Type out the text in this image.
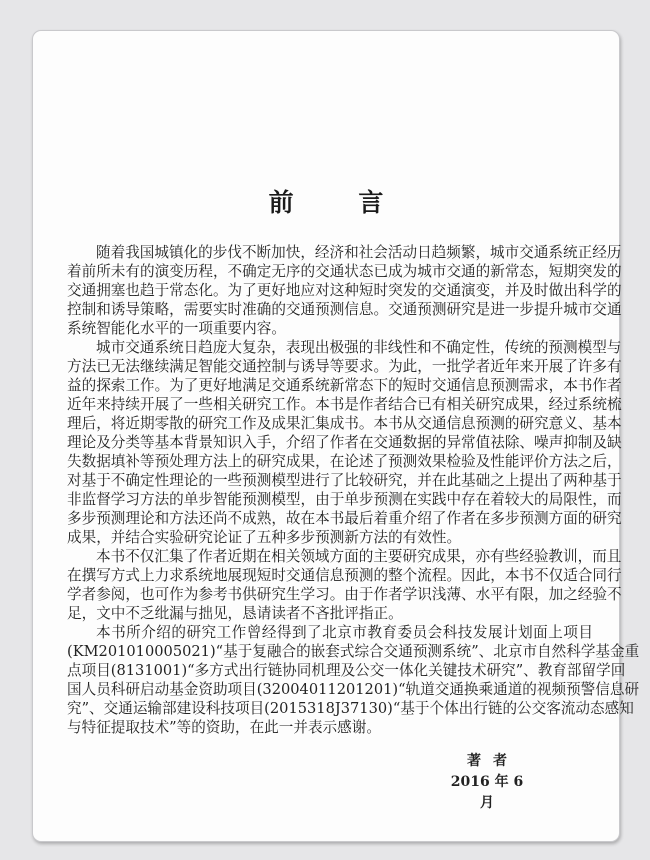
前 言
随着我国城镇化的步伐不断加快，经济和社会活动日趋频繁，城市交通系统正经历
着前所未有的演变历程，不确定无序的交通状态已成为城市交通的新常态，短期突发的
交通拥塞也趋于常态化。为了更好地应对这种短时突发的交通演变，并及时做出科学的
控制和诱导策略，需要实时准确的交通预测信息。交通预测研究是进一步提升城市交通
系统智能化水平的一项重要内容。
城市交通系统日趋庞大复杂，表现出极强的非线性和不确定性，传统的预测模型与
方法已无法继续满足智能交通控制与诱导等要求。为此，一批学者近年来开展了许多有
益的探索工作。为了更好地满足交通系统新常态下的短时交通信息预测需求，本书作者
近年来持续开展了一些相关研究工作。本书是作者结合已有相关研究成果，经过系统梳
理后，将近期零散的研究工作及成果汇集成书。本书从交通信息预测的研究意义、基本
理论及分类等基本背景知识入手，介绍了作者在交通数据的异常值祛除、噪声抑制及缺
失数据填补等预处理方法上的研究成果，在论述了预测效果检验及性能评价方法之后，
对基于不确定性理论的一些预测模型进行了比较研究，并在此基础之上提出了两种基于
非监督学习方法的单步智能预测模型，由于单步预测在实践中存在着较大的局限性，而
多步预测理论和方法还尚不成熟，故在本书最后着重介绍了作者在多步预测方面的研究
成果，并结合实验研究论证了五种多步预测新方法的有效性。
本书不仅汇集了作者近期在相关领域方面的主要研究成果，亦有些经验教训，而且
在撰写方式上力求系统地展现短时交通信息预测的整个流程。因此，本书不仅适合同行
学者参阅，也可作为参考书供研究生学习。由于作者学识浅薄、水平有限，加之经验不
足，文中不乏纰漏与拙见，恳请读者不吝批评指正。
本书所介绍的研究工作曾经得到了北京市教育委员会科技发展计划面上项目
(KM201010005021)“基于复融合的嵌套式综合交通预测系统”、北京市自然科学基金重
点项目(8131001)“多方式出行链协同机理及公交一体化关键技术研究”、教育部留学回
国人员科研启动基金资助项目(32004011201201)“轨道交通换乘通道的视频预警信息研
究”、交通运输部建设科技项目(2015318J37130)“基于个体出行链的公交客流动态感知
与特征提取技术”等的资助，在此一并表示感谢。
著者
2016 年 6 月
